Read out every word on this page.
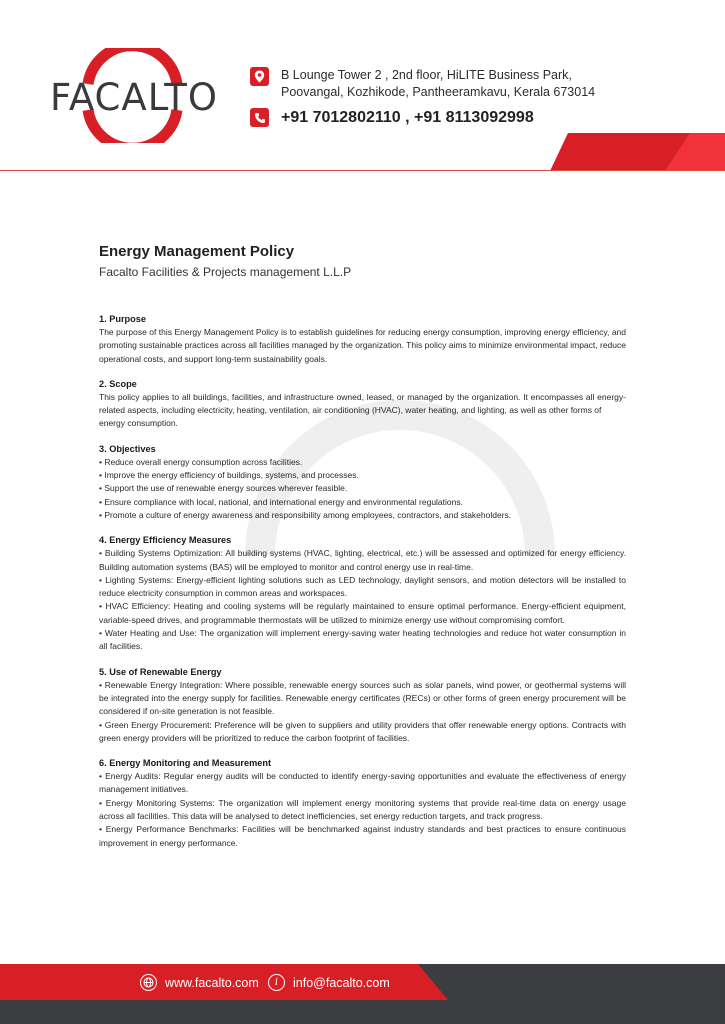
FACALTO
B Lounge Tower 2 , 2nd floor, HiLITE Business Park,
Poovangal, Kozhikode, Pantheeramkavu, Kerala 673014
+91 7012802110 , +91 8113092998
Energy Management Policy

Facalto Facilities & Projects management L.L.P

1. Purpose

The purpose of this Energy Management Policy is to establish guidelines for reducing energy consumption, improving energy efficiency, and promoting sustainable practices across all facilities managed by the organization. This policy aims to minimize environmental impact, reduce operational costs, and support long-term sustainability goals.

2. Scope

This policy applies to all buildings, facilities, and infrastructure owned, leased, or managed by the organization. It encompasses all energy-related aspects, including electricity, heating, ventilation, air conditioning (HVAC), water heating, and lighting, as well as other forms of

energy consumption.

3. Objectives
• Reduce overall energy consumption across facilities.
• Improve the energy efficiency of buildings, systems, and processes.
• Support the use of renewable energy sources wherever feasible.
• Ensure compliance with local, national, and international energy and environmental regulations.
• Promote a culture of energy awareness and responsibility among employees, contractors, and stakeholders.
4. Energy Efficiency Measures
• Building Systems Optimization: All building systems (HVAC, lighting, electrical, etc.) will be assessed and optimized for energy efficiency. Building automation systems (BAS) will be employed to monitor and control energy use in real-time.
• Lighting Systems: Energy-efficient lighting solutions such as LED technology, daylight sensors, and motion detectors will be installed to reduce electricity consumption in common areas and workspaces.
• HVAC Efficiency: Heating and cooling systems will be regularly maintained to ensure optimal performance. Energy-efficient equipment, variable-speed drives, and programmable thermostats will be utilized to minimize energy use without compromising comfort.
• Water Heating and Use: The organization will implement energy-saving water heating technologies and reduce hot water consumption in all facilities.
5. Use of Renewable Energy
• Renewable Energy Integration: Where possible, renewable energy sources such as solar panels, wind power, or geothermal systems will be integrated into the energy supply for facilities. Renewable energy certificates (RECs) or other forms of green energy procurement will be considered if on-site generation is not feasible.
• Green Energy Procurement: Preference will be given to suppliers and utility providers that offer renewable energy options. Contracts with green energy providers will be prioritized to reduce the carbon footprint of facilities.
6. Energy Monitoring and Measurement
• Energy Audits: Regular energy audits will be conducted to identify energy-saving opportunities and evaluate the effectiveness of energy management initiatives.
• Energy Monitoring Systems: The organization will implement energy monitoring systems that provide real-time data on energy usage across all facilities. This data will be analysed to detect inefficiencies, set energy reduction targets, and track progress.
• Energy Performance Benchmarks: Facilities will be benchmarked against industry standards and best practices to ensure continuous improvement in energy performance.
www.facalto.com	i	info@facalto.com
